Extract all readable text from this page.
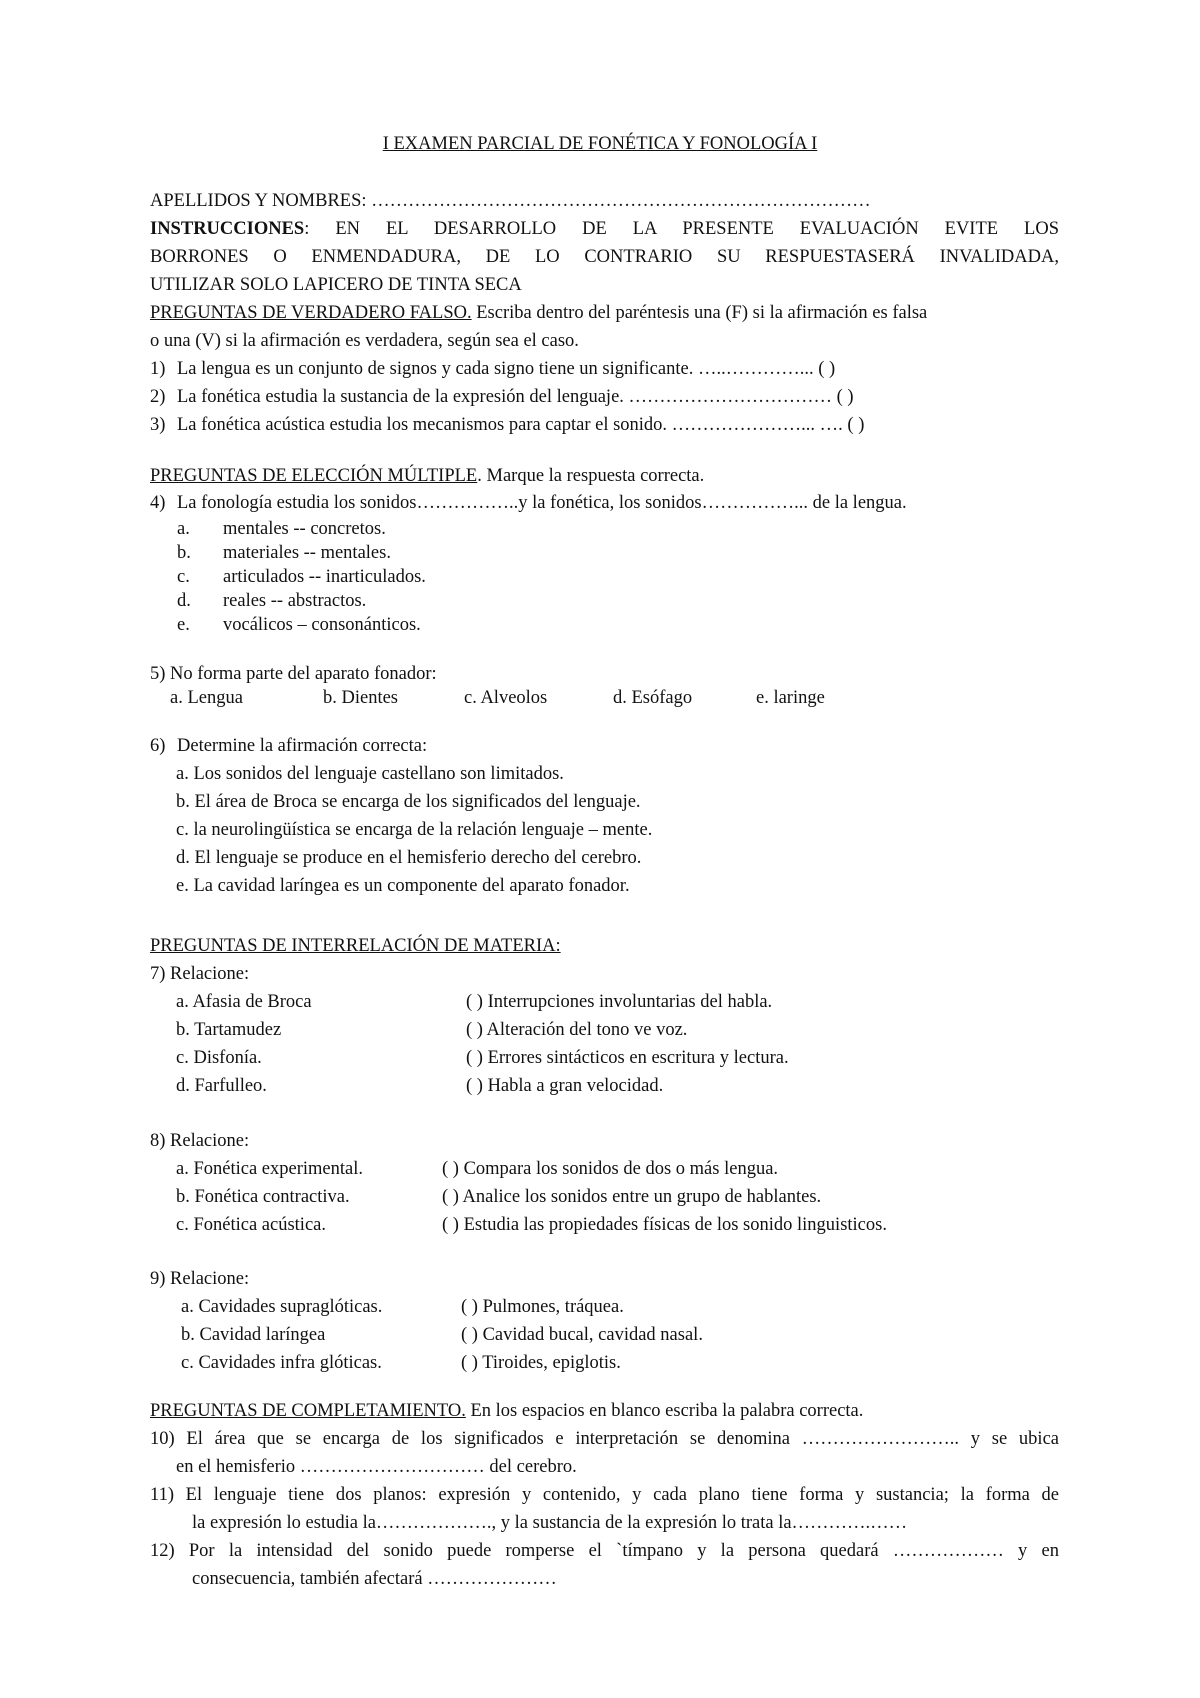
I EXAMEN PARCIAL DE FONÉTICA Y FONOLOGÍA I
APELLIDOS Y NOMBRES: ………………………………………………………………………
INSTRUCCIONES: EN EL DESARROLLO DE LA PRESENTE EVALUACIÓN EVITE LOS
BORRONES O ENMENDADURA, DE LO CONTRARIO SU RESPUESTASERÁ INVALIDADA,
UTILIZAR SOLO LAPICERO DE TINTA SECA
PREGUNTAS DE VERDADERO FALSO. Escriba dentro del paréntesis una (F) si la afirmación es falsa
o una (V) si la afirmación es verdadera, según sea el caso.
1) La lengua es un conjunto de signos y cada signo tiene un significante. …..…………... ( )
2) La fonética estudia la sustancia de la expresión del lenguaje. …………………………… ( )
3) La fonética acústica estudia los mecanismos para captar el sonido. …………………... …. ( )
PREGUNTAS DE ELECCIÓN MÚLTIPLE. Marque la respuesta correcta.
4) La fonología estudia los sonidos……………..y la fonética, los sonidos……………... de la lengua.
a. mentales -- concretos.
b. materiales -- mentales.
c. articulados -- inarticulados.
d. reales -- abstractos.
e. vocálicos – consonánticos.
5) No forma parte del aparato fonador:
a. Lengua	b. Dientes	c. Alveolos	d. Esófago	e. laringe
6) Determine la afirmación correcta:
a. Los sonidos del lenguaje castellano son limitados.
b. El área de Broca se encarga de los significados del lenguaje.
c. la neurolingüística se encarga de la relación lenguaje – mente.
d. El lenguaje se produce en el hemisferio derecho del cerebro.
e. La cavidad laríngea es un componente del aparato fonador.
PREGUNTAS DE INTERRELACIÓN DE MATERIA:
7) Relacione:
a. Afasia de Broca	( ) Interrupciones involuntarias del habla.
b. Tartamudez	( ) Alteración del tono ve voz.
c. Disfonía.	( ) Errores sintácticos en escritura y lectura.
d. Farfulleo.	( ) Habla a gran velocidad.
8) Relacione:
a. Fonética experimental.	( ) Compara los sonidos de dos o más lengua.
b. Fonética contractiva.	( ) Analice los sonidos entre un grupo de hablantes.
c. Fonética acústica.	( ) Estudia las propiedades físicas de los sonido linguisticos.
9) Relacione:
a. Cavidades supraglóticas.	( ) Pulmones, tráquea.
b. Cavidad laríngea	( ) Cavidad bucal, cavidad nasal.
c. Cavidades infra glóticas.	( ) Tiroides, epiglotis.
PREGUNTAS DE COMPLETAMIENTO. En los espacios en blanco escriba la palabra correcta.
10) El área que se encarga de los significados e interpretación se denomina …………………….. y se ubica
en el hemisferio ………………………… del cerebro.
11) El lenguaje tiene dos planos: expresión y contenido, y cada plano tiene forma y sustancia; la forma de
la expresión lo estudia la………………., y la sustancia de la expresión lo trata la………….……
12) Por la intensidad del sonido puede romperse el `tímpano y la persona quedará ……………… y en
consecuencia, también afectará …………………
